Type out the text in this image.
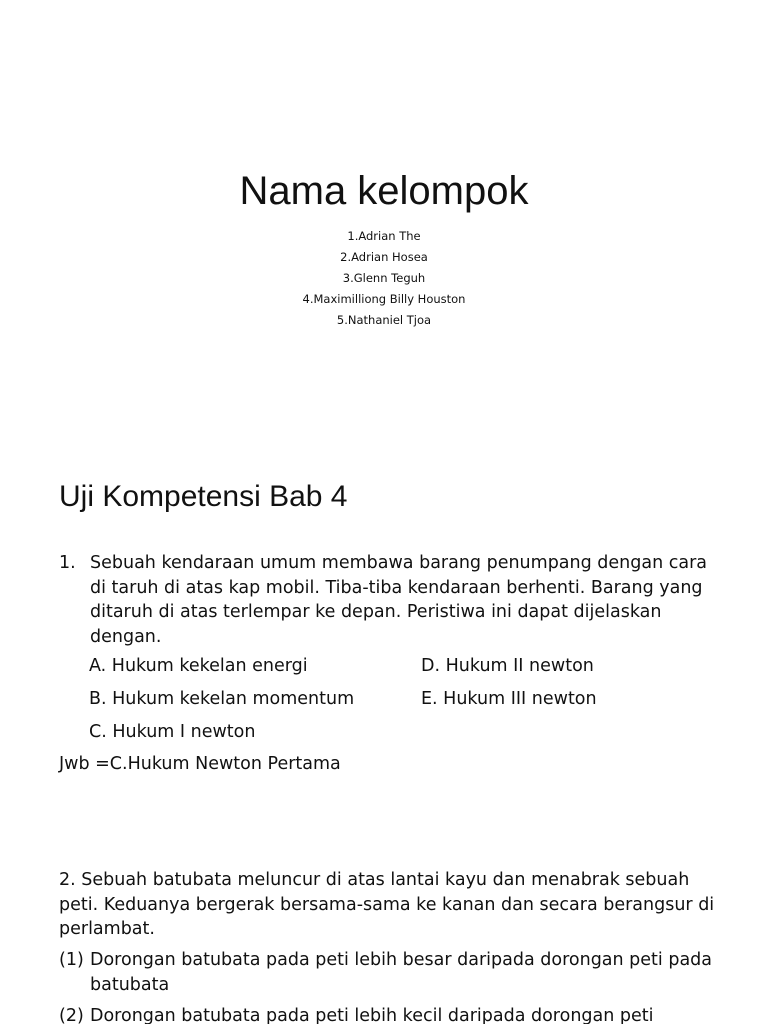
Nama kelompok
1.Adrian The
2.Adrian Hosea
3.Glenn Teguh
4.Maximilliong Billy Houston
5.Nathaniel Tjoa
Uji Kompetensi Bab 4
1. Sebuah kendaraan umum membawa barang penumpang dengan cara di taruh di atas kap mobil. Tiba-tiba kendaraan berhenti. Barang yang ditaruh di atas terlempar ke depan. Peristiwa ini dapat dijelaskan dengan.
A. Hukum kekelan energi
B. Hukum kekelan momentum
C. Hukum I newton
D. Hukum II newton
E. Hukum III newton
Jwb =C.Hukum Newton Pertama
2. Sebuah batubata meluncur di atas lantai kayu dan menabrak sebuah peti. Keduanya bergerak bersama-sama ke kanan dan secara berangsur di perlambat.
(1) Dorongan batubata pada peti lebih besar daripada dorongan peti pada batubata
(2) Dorongan batubata pada peti lebih kecil daripada dorongan peti
